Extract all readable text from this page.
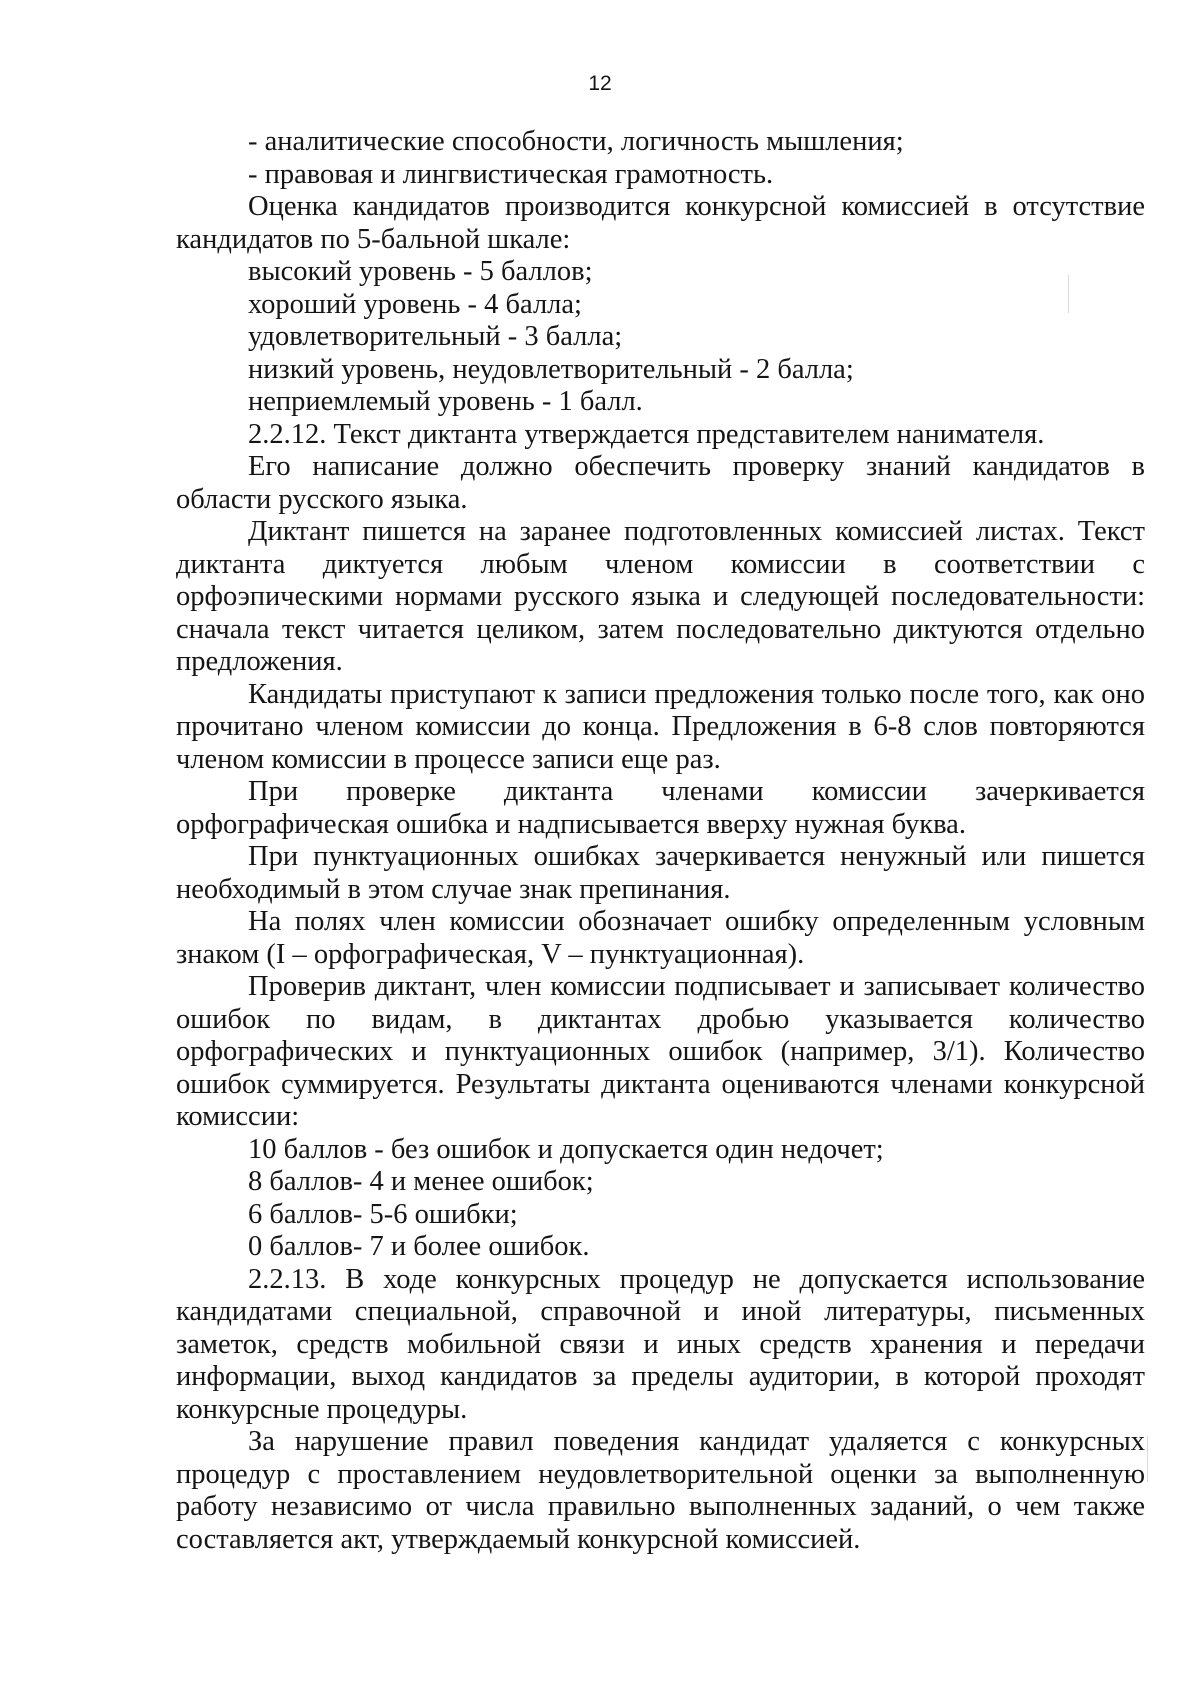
12

- аналитические способности, логичность мышления;

- правовая и лингвистическая грамотность.

Оценка кандидатов производится конкурсной комиссией в отсутствие кандидатов по 5-бальной шкале:

высокий уровень - 5 баллов;

хороший уровень - 4 балла;

удовлетворительный - 3 балла;

низкий уровень, неудовлетворительный - 2 балла;

неприемлемый уровень - 1 балл.

2.2.12. Текст диктанта утверждается представителем нанимателя.

Его написание должно обеспечить проверку знаний кандидатов в области русского языка.

Диктант пишется на заранее подготовленных комиссией листах. Текст диктанта диктуется любым членом комиссии в соответствии с орфоэпическими нормами русского языка и следующей последовательности: сначала текст читается целиком, затем последовательно диктуются отдельно предложения.

Кандидаты приступают к записи предложения только после того, как оно прочитано членом комиссии до конца. Предложения в 6-8 слов повторяются членом комиссии в процессе записи еще раз.

При проверке диктанта членами комиссии зачеркивается орфографическая ошибка и надписывается вверху нужная буква.

При пунктуационных ошибках зачеркивается ненужный или пишется необходимый в этом случае знак препинания.

На полях член комиссии обозначает ошибку определенным условным знаком (I – орфографическая, V – пунктуационная).

Проверив диктант, член комиссии подписывает и записывает количество ошибок по видам, в диктантах дробью указывается количество орфографических и пунктуационных ошибок (например, 3/1). Количество ошибок суммируется. Результаты диктанта оцениваются членами конкурсной комиссии:

10 баллов - без ошибок и допускается один недочет;

8 баллов- 4 и менее ошибок;

6 баллов- 5-6 ошибки;

0 баллов- 7 и более ошибок.

2.2.13. В ходе конкурсных процедур не допускается использование кандидатами специальной, справочной и иной литературы, письменных заметок, средств мобильной связи и иных средств хранения и передачи информации, выход кандидатов за пределы аудитории, в которой проходят конкурсные процедуры.

За нарушение правил поведения кандидат удаляется с конкурсных процедур с проставлением неудовлетворительной оценки за выполненную работу независимо от числа правильно выполненных заданий, о чем также составляется акт, утверждаемый конкурсной комиссией.
